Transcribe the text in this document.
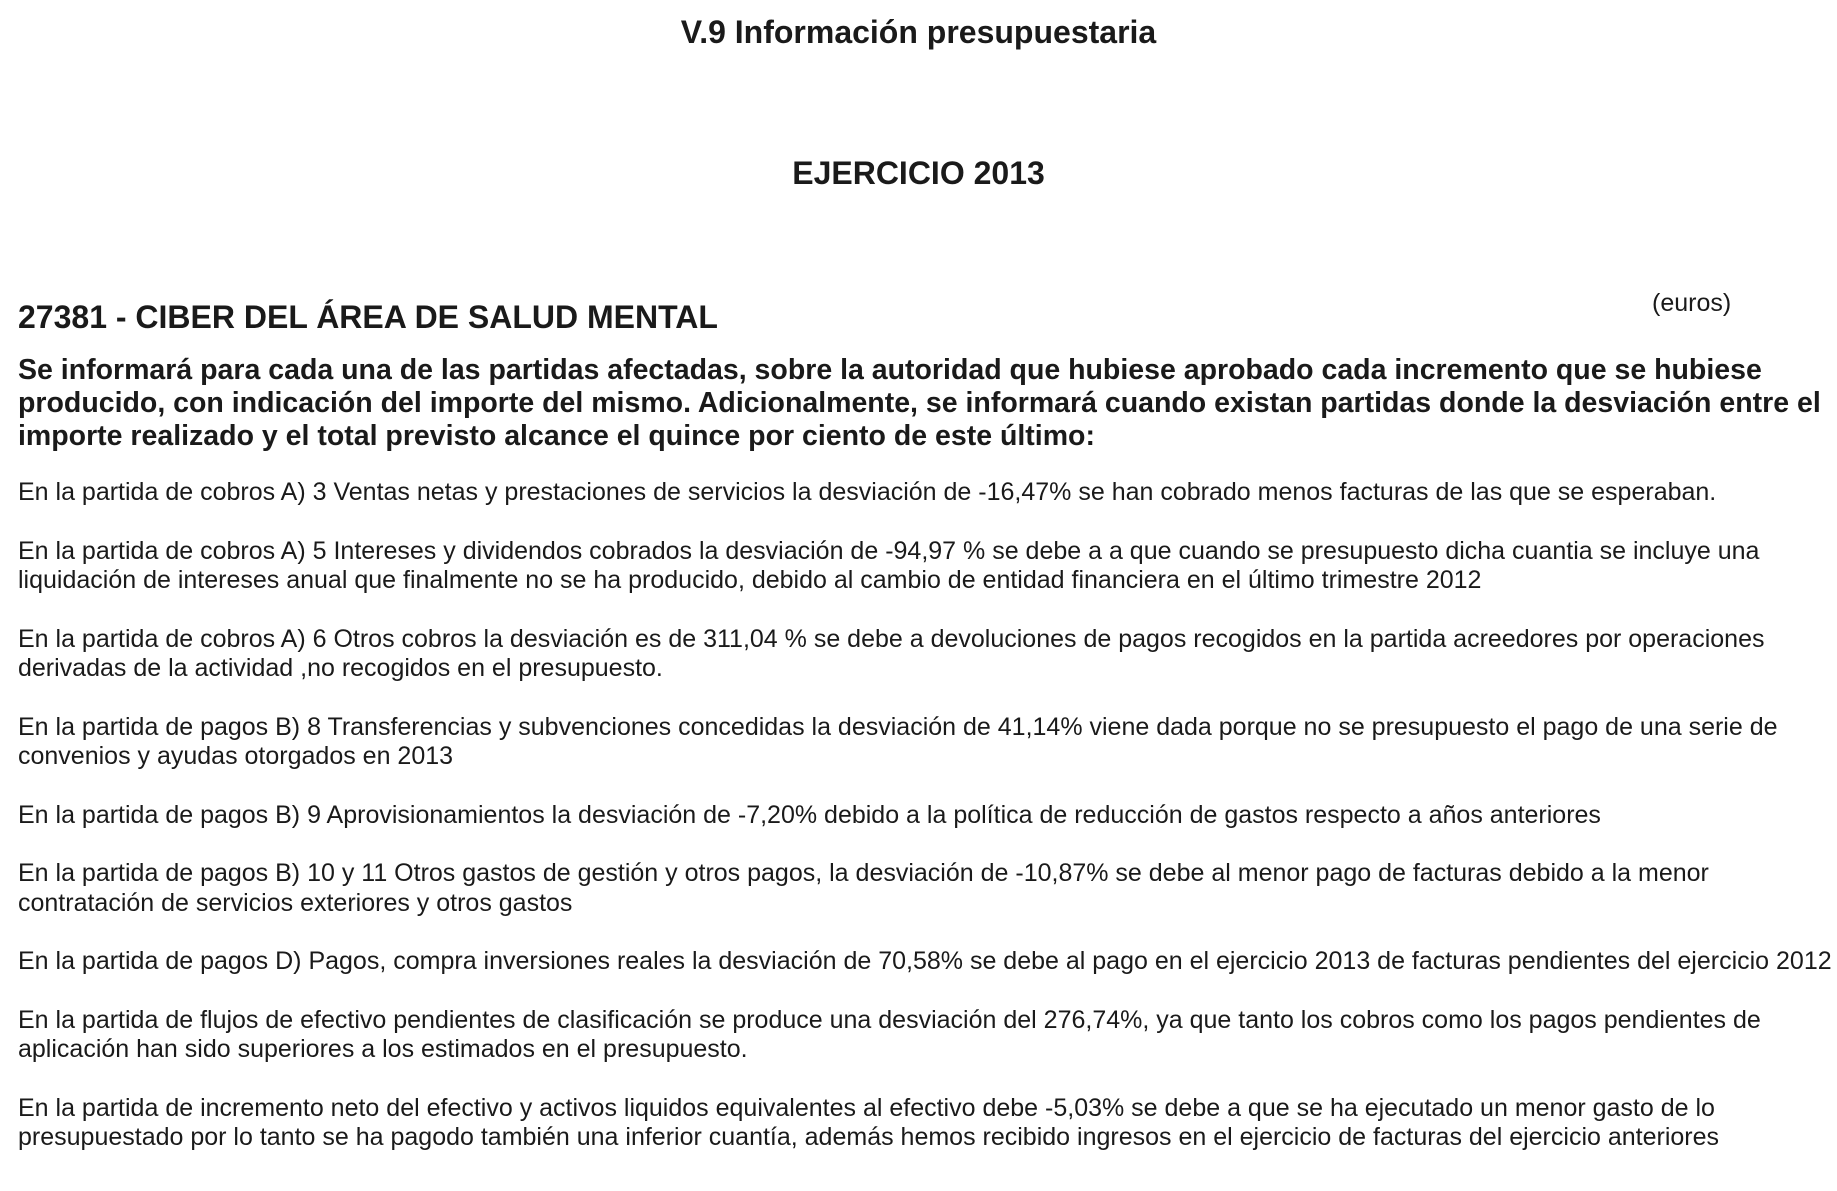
V.9 Información presupuestaria
EJERCICIO 2013
27381 - CIBER DEL ÁREA DE SALUD MENTAL	(euros)

Se informará para cada una de las partidas afectadas, sobre la autoridad que hubiese aprobado cada incremento que se hubiese producido, con indicación del importe del mismo. Adicionalmente, se informará cuando existan partidas donde la desviación entre el importe realizado y el total previsto alcance el quince por ciento de este último:

En la partida de cobros A) 3 Ventas netas y prestaciones de servicios la desviación de -16,47% se han cobrado menos facturas de las que se esperaban.

En la partida de cobros A) 5 Intereses y dividendos cobrados la desviación de -94,97 % se debe a a que cuando se presupuesto dicha cuantia se incluye una liquidación de intereses anual que finalmente no se ha producido, debido al cambio de entidad financiera en el último trimestre 2012

En la partida de cobros A) 6 Otros cobros la desviación es de 311,04 % se debe a devoluciones de pagos recogidos en la partida acreedores por operaciones derivadas de la actividad ,no recogidos en el presupuesto.

En la partida de pagos B) 8 Transferencias y subvenciones concedidas la desviación de 41,14% viene dada porque no se presupuesto el pago de una serie de convenios y ayudas otorgados en 2013

En la partida de pagos B) 9 Aprovisionamientos la desviación de -7,20% debido a la política de reducción de gastos respecto a años anteriores

En la partida de pagos B) 10 y 11 Otros gastos de gestión y otros pagos, la desviación de -10,87% se debe al menor pago de facturas debido a la menor contratación de servicios exteriores y otros gastos

En la partida de pagos D) Pagos, compra inversiones reales la desviación de 70,58% se debe al pago en el ejercicio 2013 de facturas pendientes del ejercicio 2012

En la partida de flujos de efectivo pendientes de clasificación se produce una desviación del 276,74%, ya que tanto los cobros como los pagos pendientes de aplicación han sido superiores a los estimados en el presupuesto.

En la partida de incremento neto del efectivo y activos liquidos equivalentes al efectivo debe -5,03% se debe a que se ha ejecutado un menor gasto de lo presupuestado por lo tanto se ha pagodo también una inferior cuantía, además hemos recibido ingresos en el ejercicio de facturas del ejercicio anteriores
